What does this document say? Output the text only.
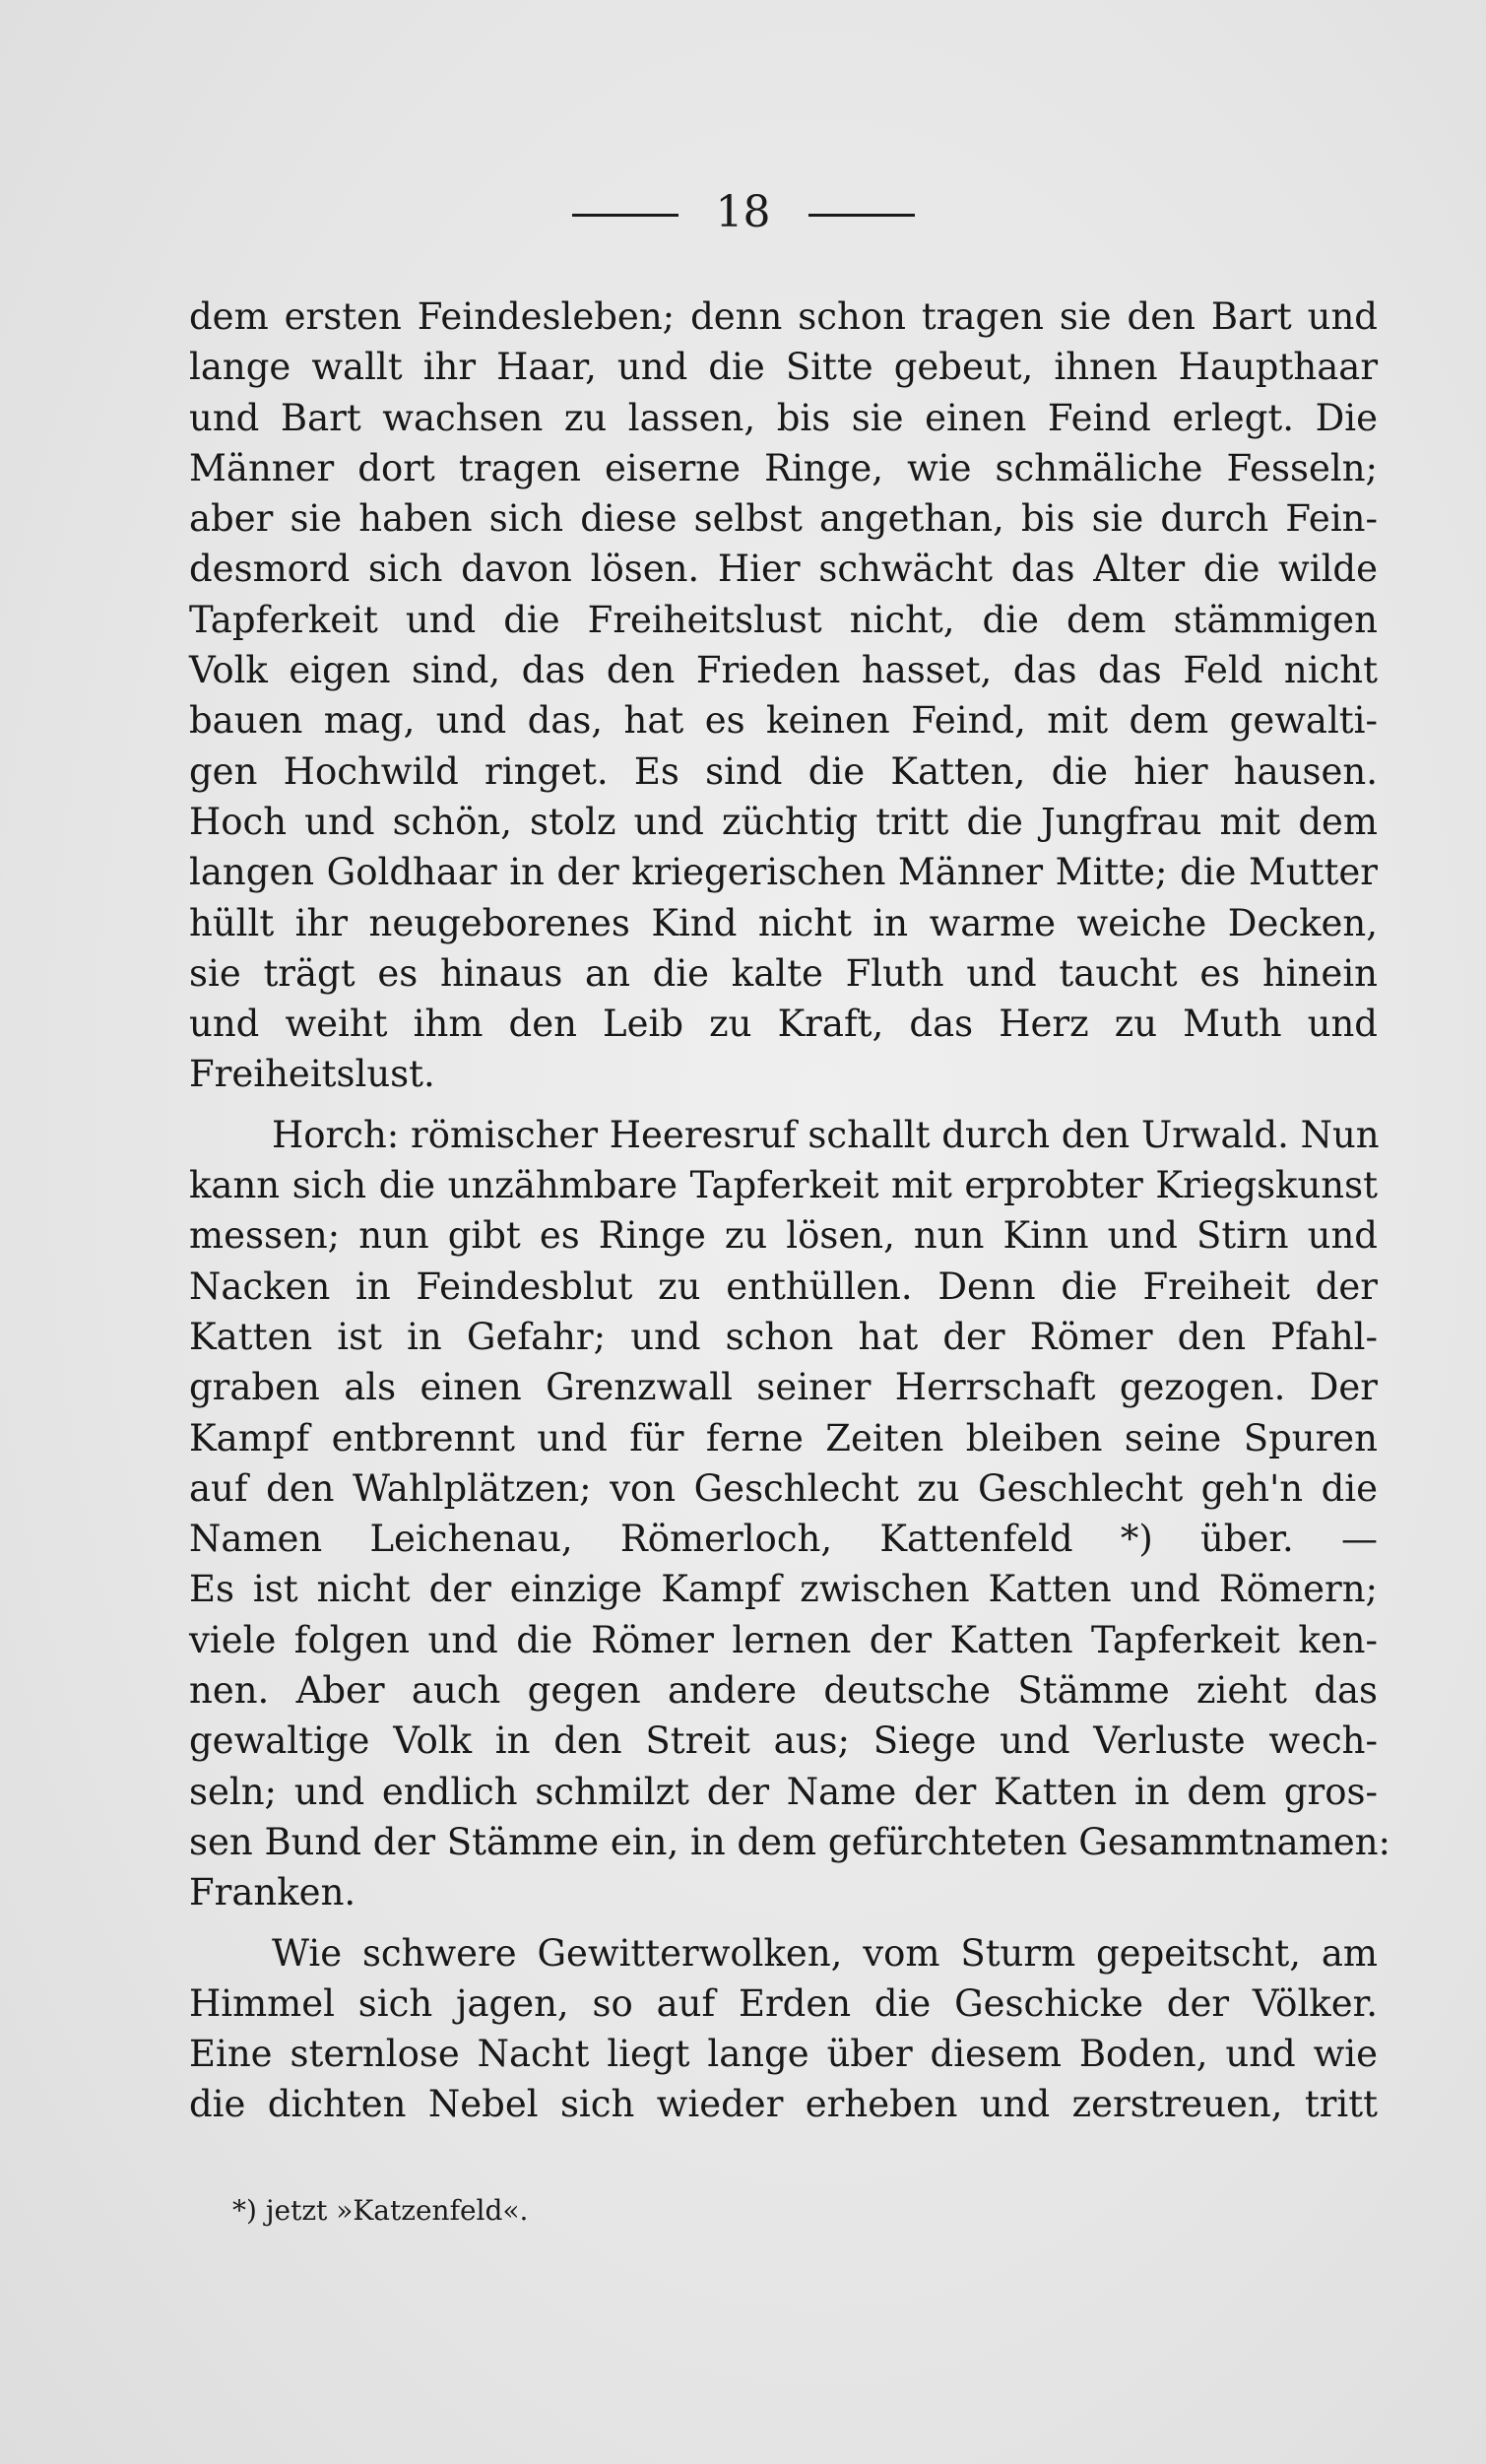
18
dem ersten Feindesleben; denn schon tragen sie den Bart und
lange wallt ihr Haar, und die Sitte gebeut, ihnen Haupthaar
und Bart wachsen zu lassen, bis sie einen Feind erlegt. Die
Männer dort tragen eiserne Ringe, wie schmäliche Fesseln;
aber sie haben sich diese selbst angethan, bis sie durch Fein-
desmord sich davon lösen. Hier schwächt das Alter die wilde
Tapferkeit und die Freiheitslust nicht, die dem stämmigen
Volk eigen sind, das den Frieden hasset, das das Feld nicht
bauen mag, und das, hat es keinen Feind, mit dem gewalti-
gen Hochwild ringet. Es sind die Katten, die hier hausen.
Hoch und schön, stolz und züchtig tritt die Jungfrau mit dem
langen Goldhaar in der kriegerischen Männer Mitte; die Mutter
hüllt ihr neugeborenes Kind nicht in warme weiche Decken,
sie trägt es hinaus an die kalte Fluth und taucht es hinein
und weiht ihm den Leib zu Kraft, das Herz zu Muth und
Freiheitslust.
Horch: römischer Heeresruf schallt durch den Urwald. Nun
kann sich die unzähmbare Tapferkeit mit erprobter Kriegskunst
messen; nun gibt es Ringe zu lösen, nun Kinn und Stirn und
Nacken in Feindesblut zu enthüllen. Denn die Freiheit der
Katten ist in Gefahr; und schon hat der Römer den Pfahl-
graben als einen Grenzwall seiner Herrschaft gezogen. Der
Kampf entbrennt und für ferne Zeiten bleiben seine Spuren
auf den Wahlplätzen; von Geschlecht zu Geschlecht geh'n die
Namen Leichenau, Römerloch, Kattenfeld *) über. —
Es ist nicht der einzige Kampf zwischen Katten und Römern;
viele folgen und die Römer lernen der Katten Tapferkeit ken-
nen. Aber auch gegen andere deutsche Stämme zieht das
gewaltige Volk in den Streit aus; Siege und Verluste wech-
seln; und endlich schmilzt der Name der Katten in dem gros-
sen Bund der Stämme ein, in dem gefürchteten Gesammtnamen:
Franken.
Wie schwere Gewitterwolken, vom Sturm gepeitscht, am
Himmel sich jagen, so auf Erden die Geschicke der Völker.
Eine sternlose Nacht liegt lange über diesem Boden, und wie
die dichten Nebel sich wieder erheben und zerstreuen, tritt
*) jetzt »Katzenfeld«.
